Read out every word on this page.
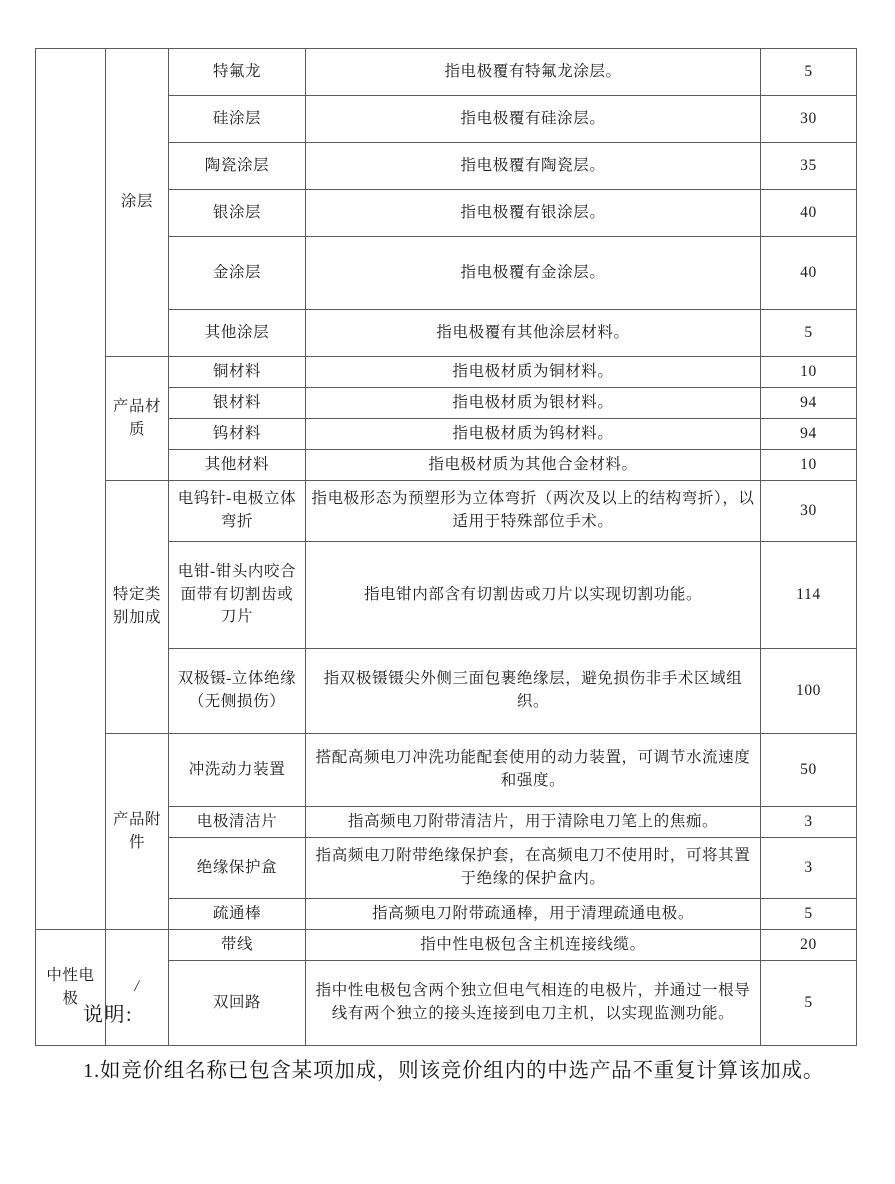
	涂层	特氟龙	指电极覆有特氟龙涂层。	5
		硅涂层	指电极覆有硅涂层。	30
		陶瓷涂层	指电极覆有陶瓷层。	35
		银涂层	指电极覆有银涂层。	40
		金涂层	指电极覆有金涂层。	40
		其他涂层	指电极覆有其他涂层材料。	5
	产品材质	铜材料	指电极材质为铜材料。	10
		银材料	指电极材质为银材料。	94
		钨材料	指电极材质为钨材料。	94
		其他材料	指电极材质为其他合金材料。	10
	特定类别加成	电钨针-电极立体弯折	指电极形态为预塑形为立体弯折（两次及以上的结构弯折），以适用于特殊部位手术。	30
		电钳-钳头内咬合面带有切割齿或刀片	指电钳内部含有切割齿或刀片以实现切割功能。	114
		双极镊-立体绝缘（无侧损伤）	指双极镊镊尖外侧三面包裹绝缘层，避免损伤非手术区域组织。	100
	产品附件	冲洗动力装置	搭配高频电刀冲洗功能配套使用的动力装置，可调节水流速度和强度。	50
		电极清洁片	指高频电刀附带清洁片，用于清除电刀笔上的焦痂。	3
		绝缘保护盒	指高频电刀附带绝缘保护套，在高频电刀不使用时，可将其置于绝缘的保护盒内。	3
		疏通棒	指高频电刀附带疏通棒，用于清理疏通电极。	5
中性电极	/	带线	指中性电极包含主机连接线缆。	20
		双回路	指中性电极包含两个独立但电气相连的电极片，并通过一根导线有两个独立的接头连接到电刀主机，以实现监测功能。	5
说明:

1.如竞价组名称已包含某项加成，则该竞价组内的中选产品不重复计算该加成。
